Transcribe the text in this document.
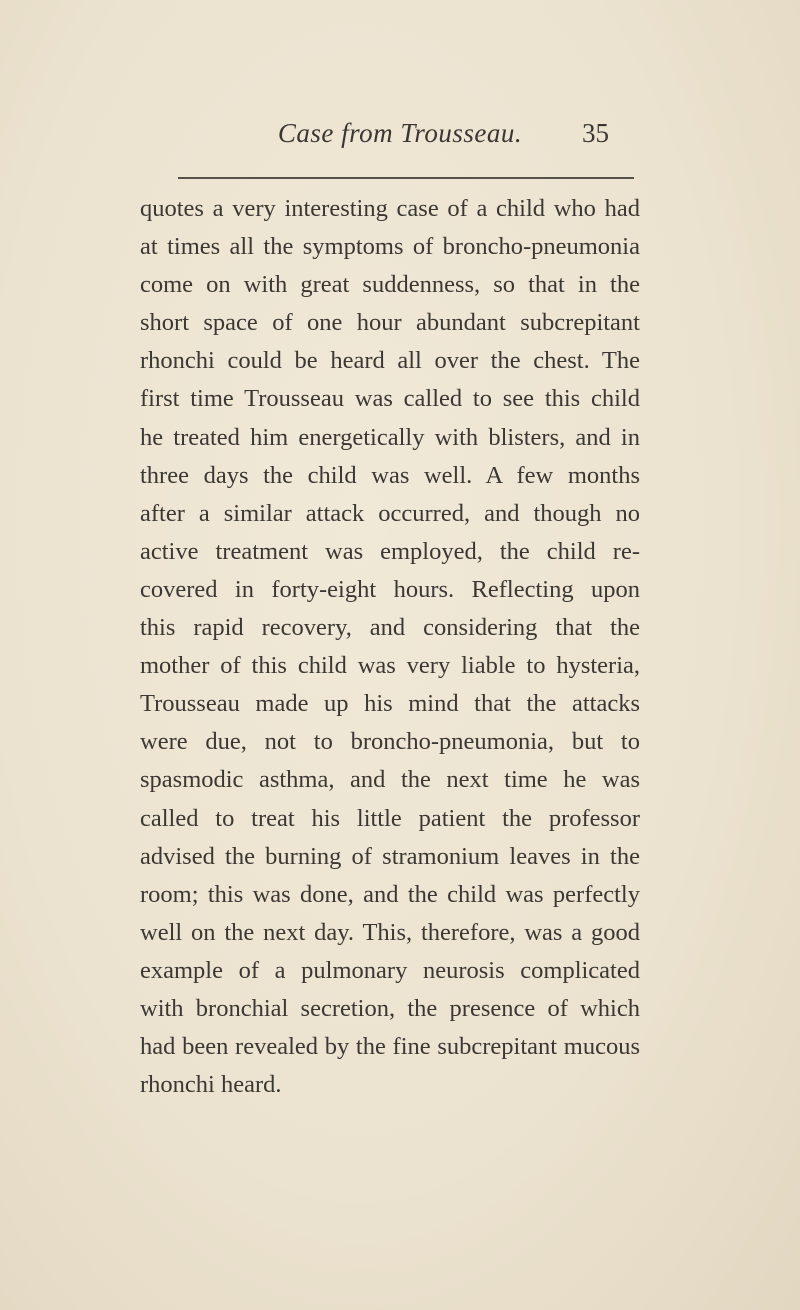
Case from Trousseau.	35
quotes a very interesting case of a child who had
at times all the symptoms of broncho-pneumonia
come on with great suddenness, so that in the
short space of one hour abundant subcrepitant
rhonchi could be heard all over the chest. The
first time Trousseau was called to see this child
he treated him energetically with blisters, and in
three days the child was well. A few months
after a similar attack occurred, and though no
active treatment was employed, the child re-
covered in forty-eight hours. Reflecting upon
this rapid recovery, and considering that the
mother of this child was very liable to hysteria,
Trousseau made up his mind that the attacks
were due, not to broncho-pneumonia, but to
spasmodic asthma, and the next time he was
called to treat his little patient the professor
advised the burning of stramonium leaves in the
room; this was done, and the child was perfectly
well on the next day. This, therefore, was a good
example of a pulmonary neurosis complicated
with bronchial secretion, the presence of which
had been revealed by the fine subcrepitant mucous
rhonchi heard.
